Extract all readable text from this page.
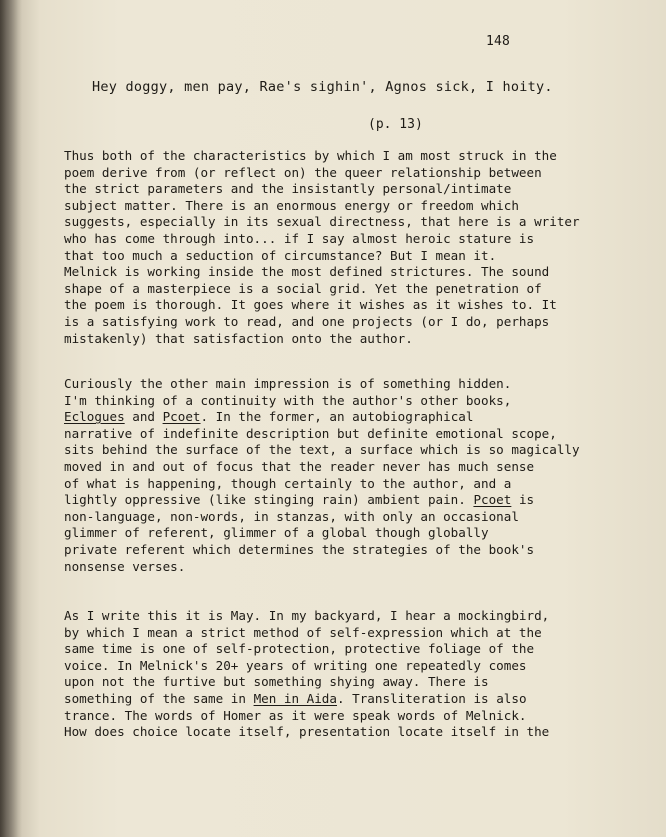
148
Hey doggy, men pay, Rae's sighin', Agnos sick, I hoity.
(p. 13)
Thus both of the characteristics by which I am most struck in the
poem derive from (or reflect on) the queer relationship between
the strict parameters and the insistantly personal/intimate
subject matter. There is an enormous energy or freedom which
suggests, especially in its sexual directness, that here is a writer
who has come through into... if I say almost heroic stature is
that too much a seduction of circumstance? But I mean it.
Melnick is working inside the most defined strictures. The sound
shape of a masterpiece is a social grid. Yet the penetration of
the poem is thorough. It goes where it wishes as it wishes to. It
is a satisfying work to read, and one projects (or I do, perhaps
mistakenly) that satisfaction onto the author.
Curiously the other main impression is of something hidden.
I'm thinking of a continuity with the author's other books,
Eclogues and Pcoet. In the former, an autobiographical
narrative of indefinite description but definite emotional scope,
sits behind the surface of the text, a surface which is so magically
moved in and out of focus that the reader never has much sense
of what is happening, though certainly to the author, and a
lightly oppressive (like stinging rain) ambient pain. Pcoet is
non-language, non-words, in stanzas, with only an occasional
glimmer of referent, glimmer of a global though globally
private referent which determines the strategies of the book's
nonsense verses.
As I write this it is May. In my backyard, I hear a mockingbird,
by which I mean a strict method of self-expression which at the
same time is one of self-protection, protective foliage of the
voice. In Melnick's 20+ years of writing one repeatedly comes
upon not the furtive but something shying away. There is
something of the same in Men in Aida. Transliteration is also
trance. The words of Homer as it were speak words of Melnick.
How does choice locate itself, presentation locate itself in the
